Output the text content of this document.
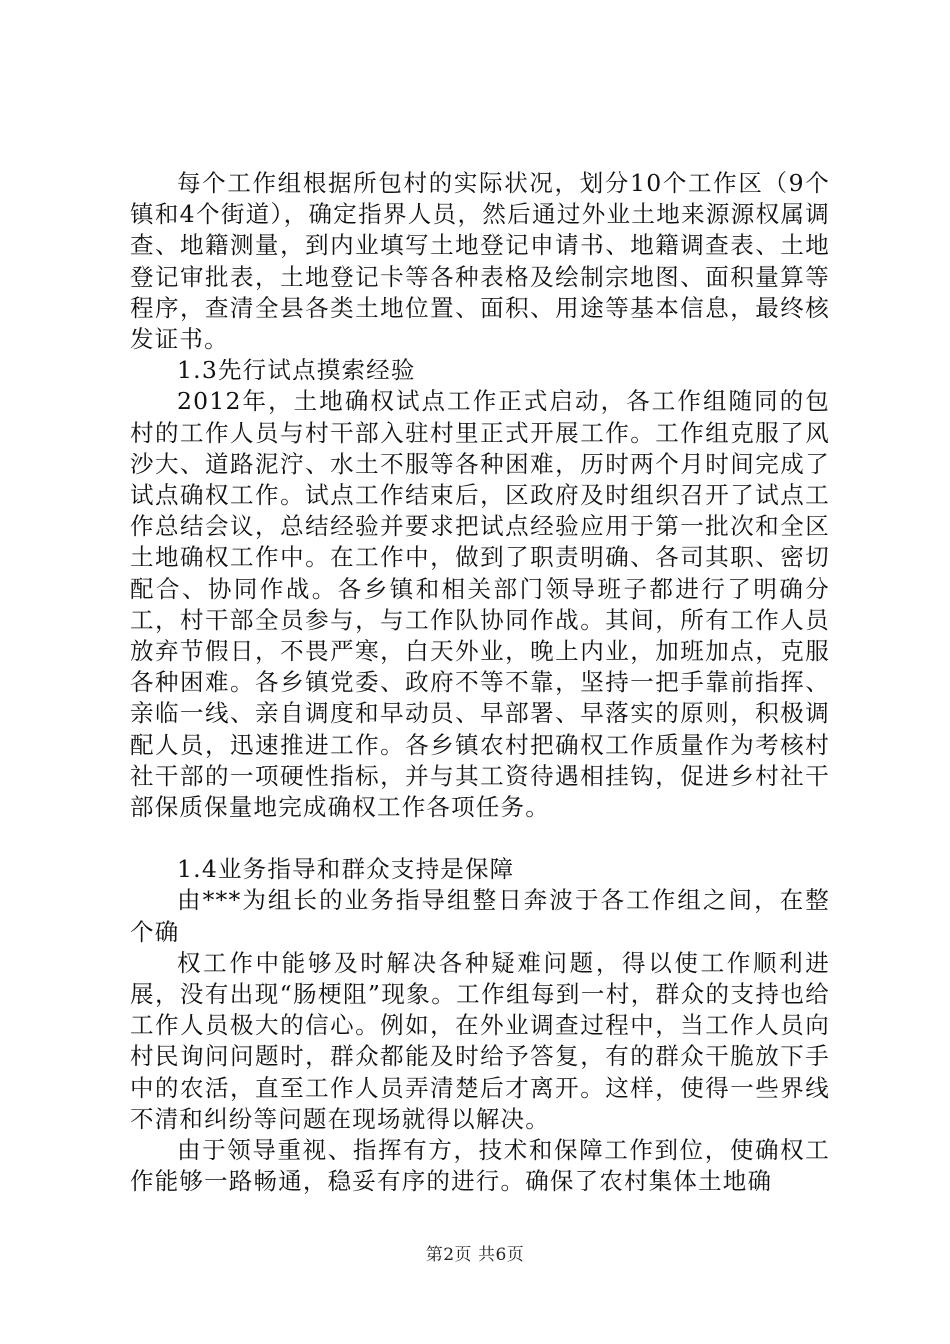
每个工作组根据所包村的实际状况，划分10个工作区（9个镇和4个街道），确定指界人员，然后通过外业土地来源源权属调查、地籍测量，到内业填写土地登记申请书、地籍调查表、土地登记审批表，土地登记卡等各种表格及绘制宗地图、面积量算等程序，查清全县各类土地位置、面积、用途等基本信息，最终核发证书。

1.3先行试点摸索经验

2012年，土地确权试点工作正式启动，各工作组随同的包村的工作人员与村干部入驻村里正式开展工作。工作组克服了风沙大、道路泥泞、水土不服等各种困难，历时两个月时间完成了试点确权工作。试点工作结束后，区政府及时组织召开了试点工作总结会议，总结经验并要求把试点经验应用于第一批次和全区土地确权工作中。在工作中，做到了职责明确、各司其职、密切配合、协同作战。各乡镇和相关部门领导班子都进行了明确分工，村干部全员参与，与工作队协同作战。其间，所有工作人员放弃节假日，不畏严寒，白天外业，晚上内业，加班加点，克服各种困难。各乡镇党委、政府不等不靠，坚持一把手靠前指挥、亲临一线、亲自调度和早动员、早部署、早落实的原则，积极调配人员，迅速推进工作。各乡镇农村把确权工作质量作为考核村社干部的一项硬性指标，并与其工资待遇相挂钩，促进乡村社干部保质保量地完成确权工作各项任务。

1.4业务指导和群众支持是保障

由***为组长的业务指导组整日奔波于各工作组之间，在整个确

权工作中能够及时解决各种疑难问题，得以使工作顺利进展，没有出现“肠梗阻”现象。工作组每到一村，群众的支持也给工作人员极大的信心。例如，在外业调查过程中，当工作人员向村民询问问题时，群众都能及时给予答复，有的群众干脆放下手中的农活，直至工作人员弄清楚后才离开。这样，使得一些界线不清和纠纷等问题在现场就得以解决。

由于领导重视、指挥有方，技术和保障工作到位，使确权工作能够一路畅通，稳妥有序的进行。确保了农村集体土地确

第2页 共6页
